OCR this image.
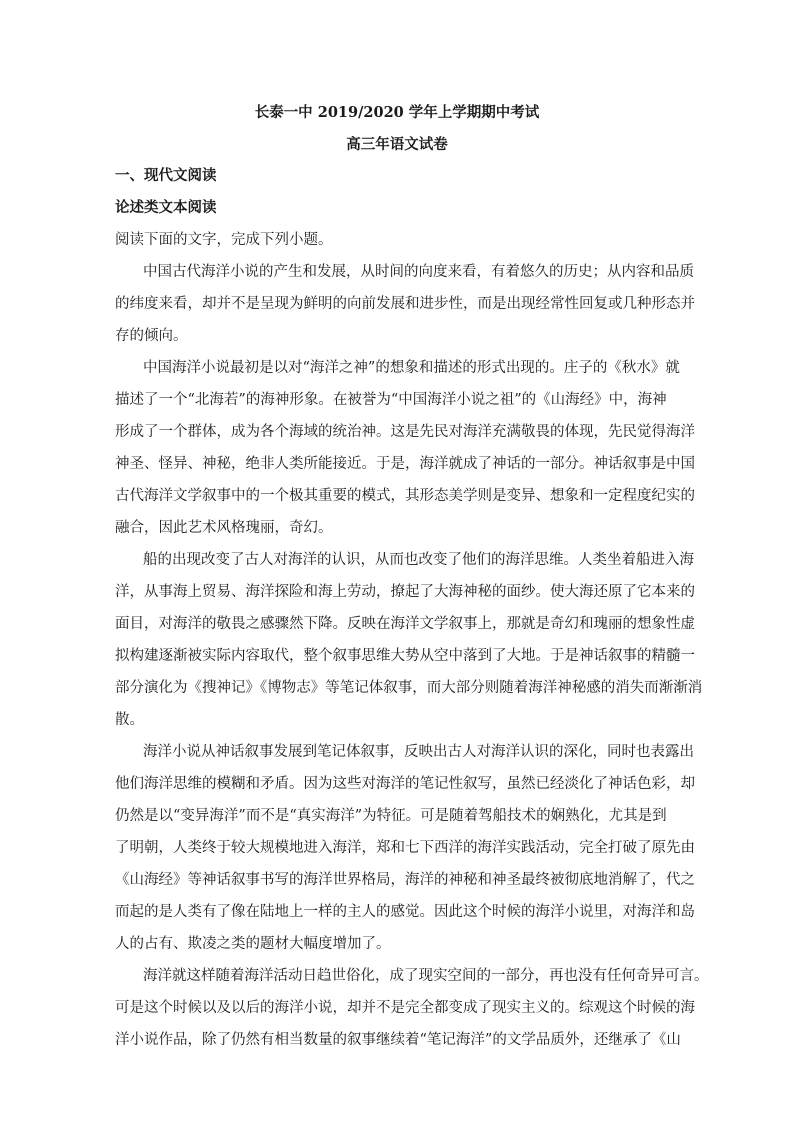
长泰一中 2019/2020 学年上学期期中考试
高三年语文试卷
一、现代文阅读
论述类文本阅读
阅读下面的文字，完成下列小题。
中国古代海洋小说的产生和发展，从时间的向度来看，有着悠久的历史；从内容和品质
的纬度来看，却并不是呈现为鲜明的向前发展和进步性，而是出现经常性回复或几种形态并
存的倾向。
中国海洋小说最初是以对“海洋之神”的想象和描述的形式出现的。庄子的《秋水》就
描述了一个“北海若”的海神形象。在被誉为“中国海洋小说之祖”的《山海经》中，海神
形成了一个群体，成为各个海域的统治神。这是先民对海洋充满敬畏的体现，先民觉得海洋
神圣、怪异、神秘，绝非人类所能接近。于是，海洋就成了神话的一部分。神话叙事是中国
古代海洋文学叙事中的一个极其重要的模式，其形态美学则是变异、想象和一定程度纪实的
融合，因此艺术风格瑰丽，奇幻。
船的出现改变了古人对海洋的认识，从而也改变了他们的海洋思维。人类坐着船进入海
洋，从事海上贸易、海洋探险和海上劳动，撩起了大海神秘的面纱。使大海还原了它本来的
面目，对海洋的敬畏之感骤然下降。反映在海洋文学叙事上，那就是奇幻和瑰丽的想象性虚
拟构建逐渐被实际内容取代，整个叙事思维大势从空中落到了大地。于是神话叙事的精髓一
部分演化为《搜神记》《博物志》等笔记体叙事，而大部分则随着海洋神秘感的消失而渐渐消
散。
海洋小说从神话叙事发展到笔记体叙事，反映出古人对海洋认识的深化，同时也表露出
他们海洋思维的模糊和矛盾。因为这些对海洋的笔记性叙写，虽然已经淡化了神话色彩，却
仍然是以“变异海洋”而不是“真实海洋”为特征。可是随着驾船技术的娴熟化，尤其是到
了明朝，人类终于较大规模地进入海洋，郑和七下西洋的海洋实践活动，完全打破了原先由
《山海经》等神话叙事书写的海洋世界格局，海洋的神秘和神圣最终被彻底地消解了，代之
而起的是人类有了像在陆地上一样的主人的感觉。因此这个时候的海洋小说里，对海洋和岛
人的占有、欺凌之类的题材大幅度增加了。
海洋就这样随着海洋活动日趋世俗化，成了现实空间的一部分，再也没有任何奇异可言。
可是这个时候以及以后的海洋小说，却并不是完全都变成了现实主义的。综观这个时候的海
洋小说作品，除了仍然有相当数量的叙事继续着“笔记海洋”的文学品质外，还继承了《山
